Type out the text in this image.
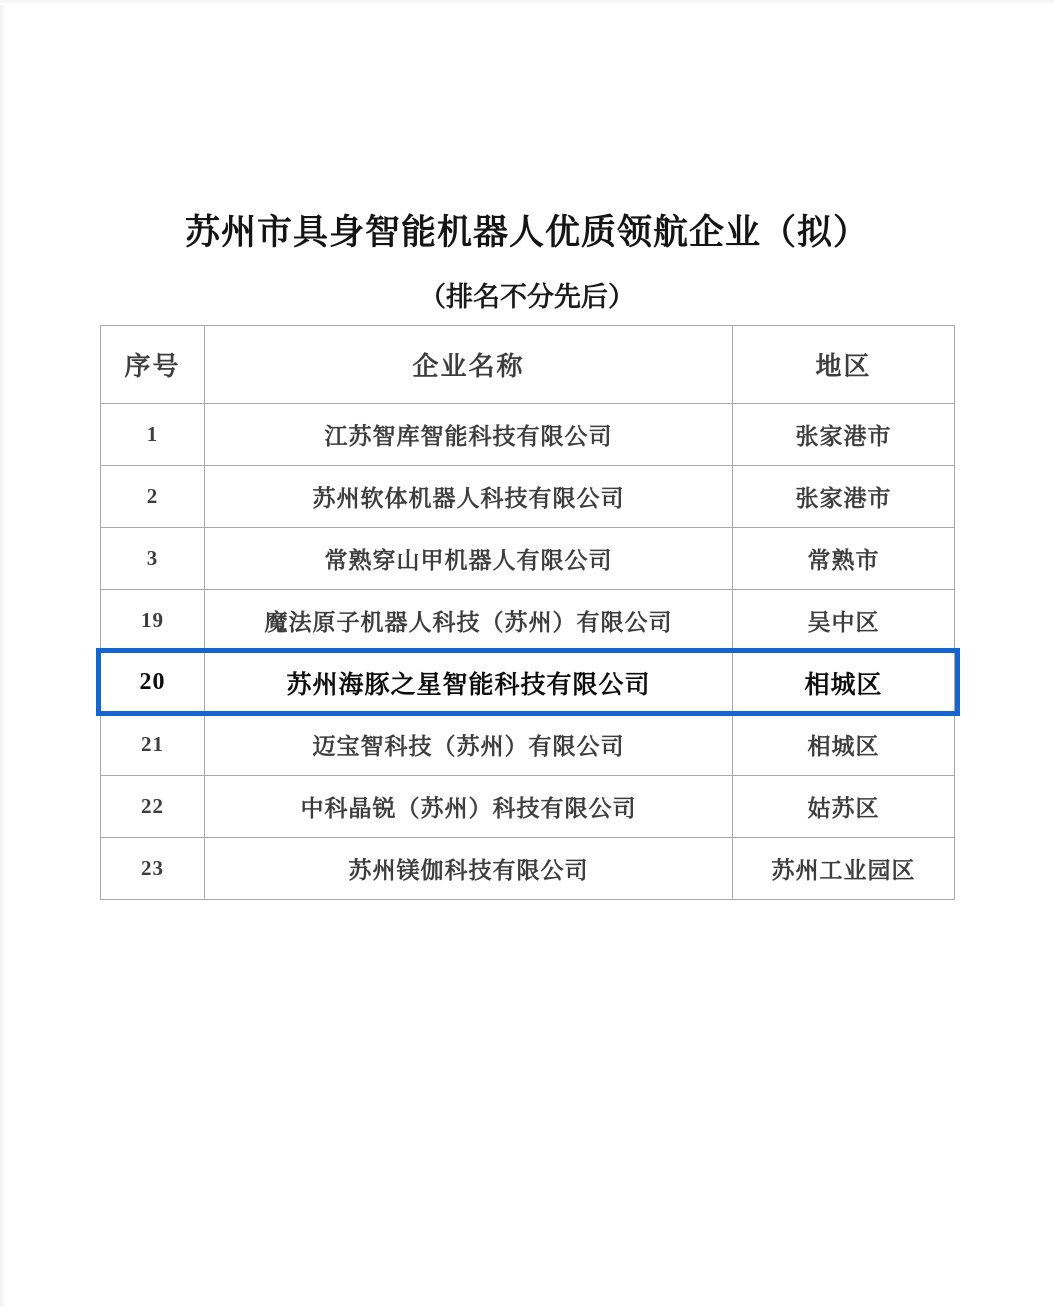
苏州市具身智能机器人优质领航企业（拟）
（排名不分先后）
序号	企业名称	地区
1	江苏智库智能科技有限公司	张家港市
2	苏州软体机器人科技有限公司	张家港市
3	常熟穿山甲机器人有限公司	常熟市
19	魔法原子机器人科技（苏州）有限公司	吴中区
20	苏州海豚之星智能科技有限公司	相城区
21	迈宝智科技（苏州）有限公司	相城区
22	中科晶锐（苏州）科技有限公司	姑苏区
23	苏州镁伽科技有限公司	苏州工业园区
